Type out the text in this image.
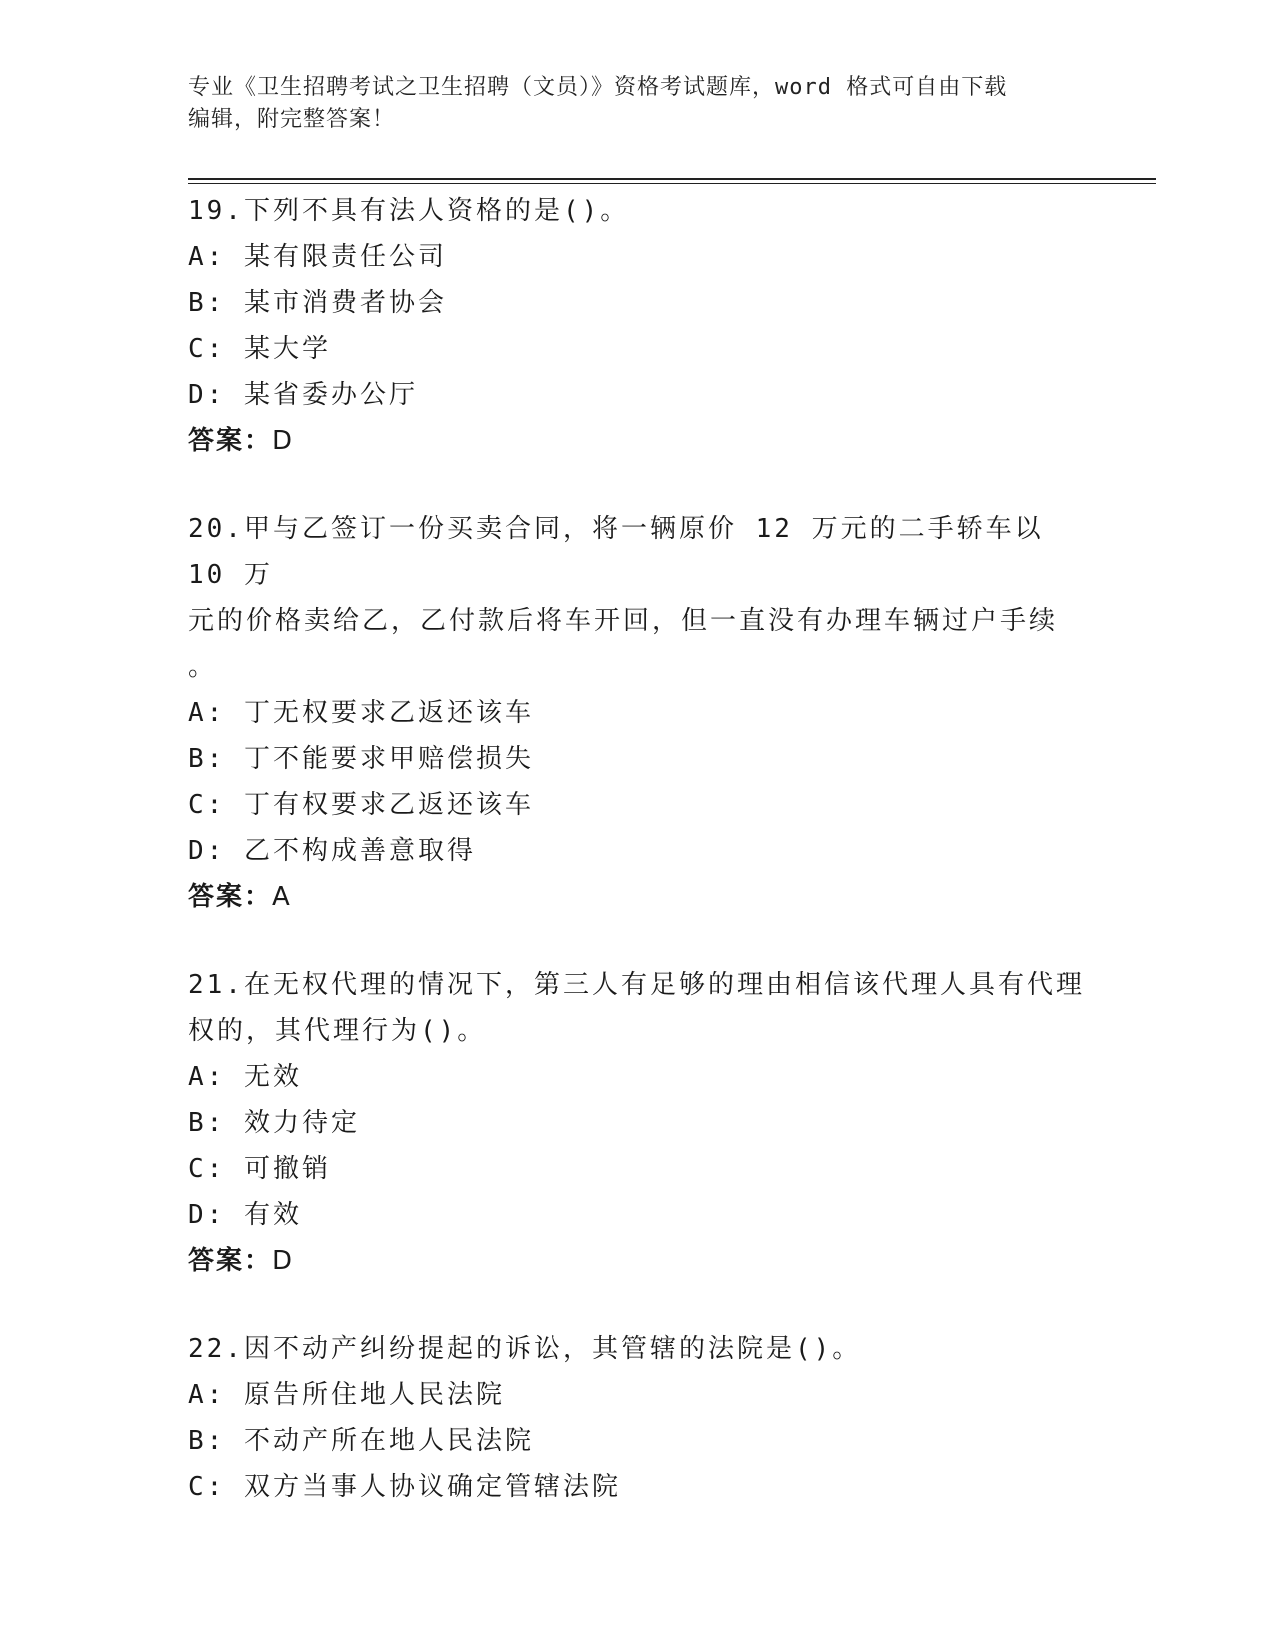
专业《卫生招聘考试之卫生招聘（文员）》资格考试题库，word 格式可自由下载
编辑，附完整答案！

19.下列不具有法人资格的是()。

A: 某有限责任公司

B: 某市消费者协会

C: 某大学

D: 某省委办公厅

答案：D

20.甲与乙签订一份买卖合同，将一辆原价 12 万元的二手轿车以 10 万

元的价格卖给乙，乙付款后将车开回，但一直没有办理车辆过户手续

。

A: 丁无权要求乙返还该车

B: 丁不能要求甲赔偿损失

C: 丁有权要求乙返还该车

D: 乙不构成善意取得

答案：A

21.在无权代理的情况下，第三人有足够的理由相信该代理人具有代理

权的，其代理行为()。

A: 无效

B: 效力待定

C: 可撤销

D: 有效

答案：D

22.因不动产纠纷提起的诉讼，其管辖的法院是()。

A: 原告所住地人民法院

B: 不动产所在地人民法院

C: 双方当事人协议确定管辖法院
